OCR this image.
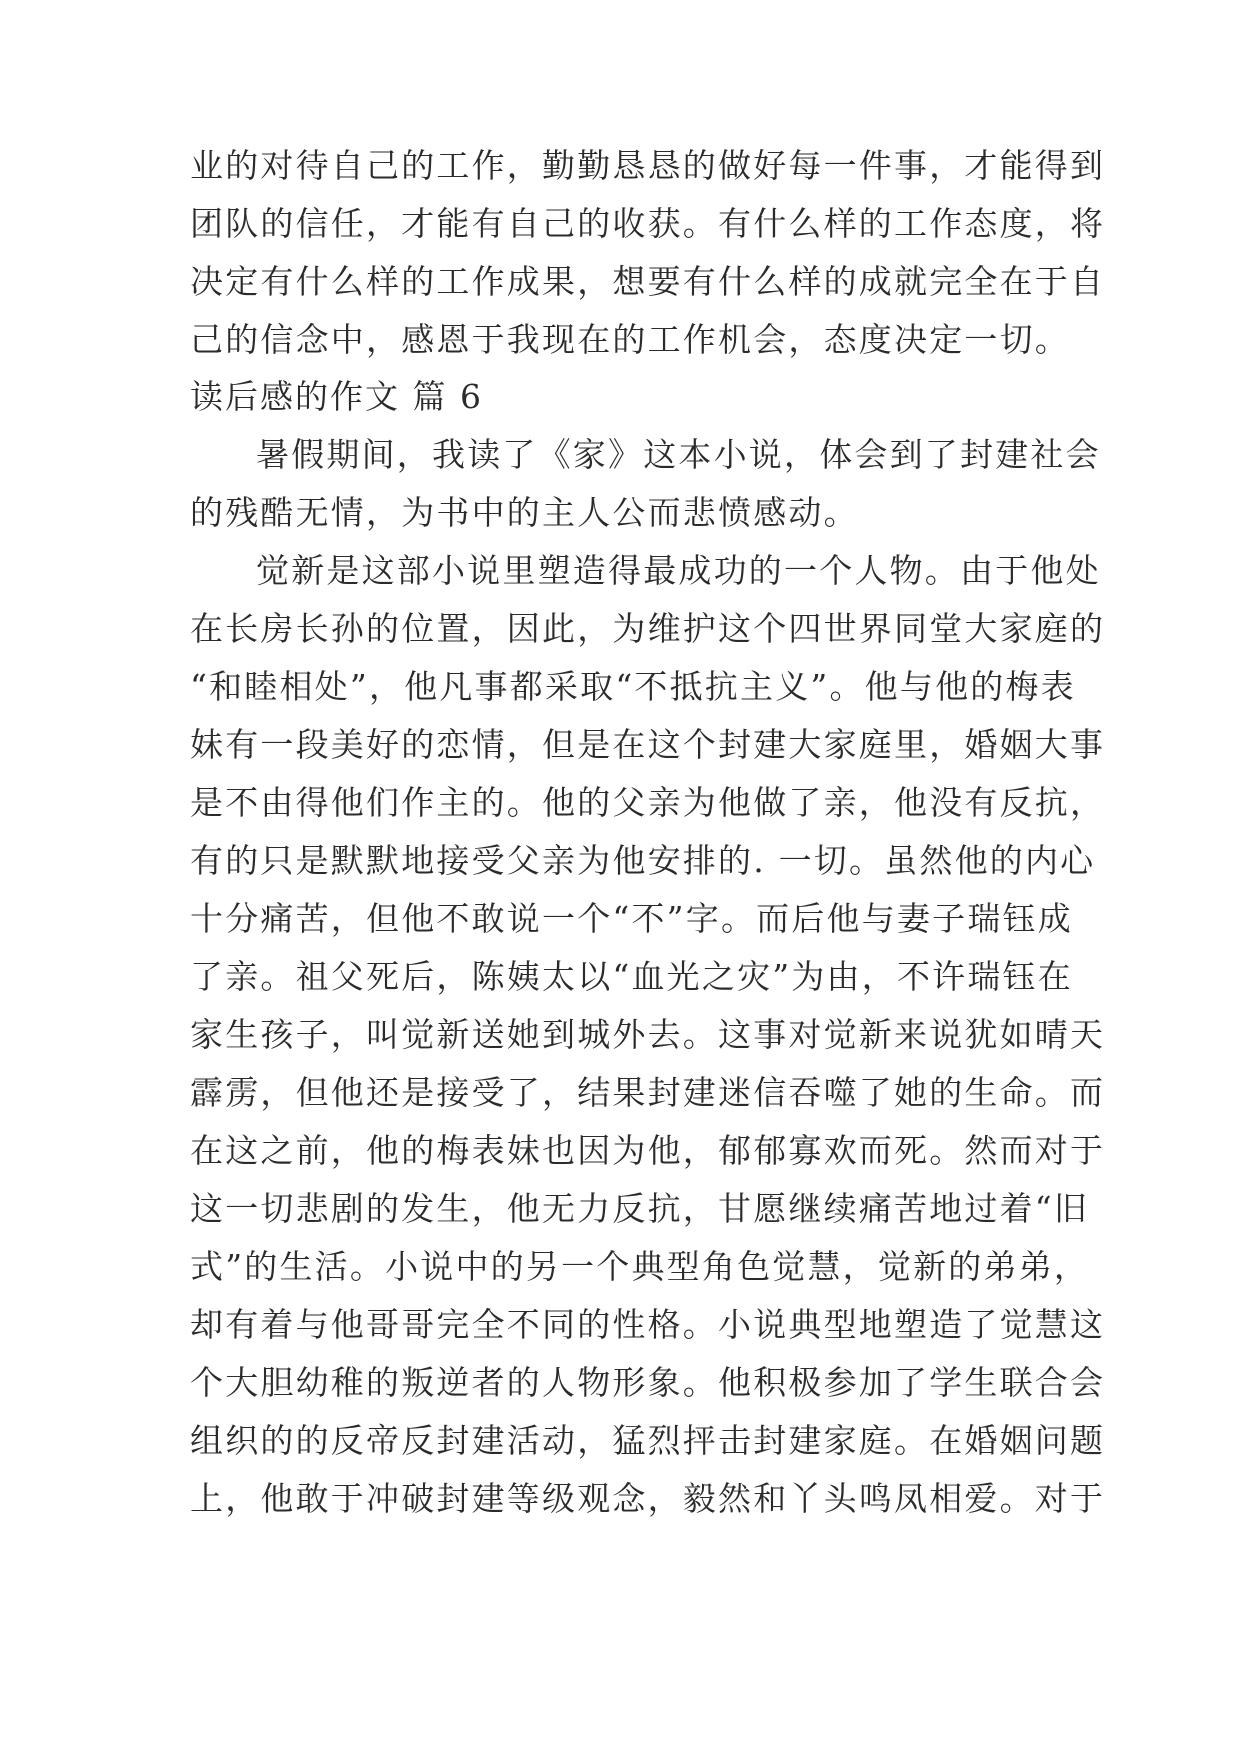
业的对待自己的工作，勤勤恳恳的做好每一件事，才能得到
团队的信任，才能有自己的收获。有什么样的工作态度，将
决定有什么样的工作成果，想要有什么样的成就完全在于自
己的信念中，感恩于我现在的工作机会，态度决定一切。
读后感的作文 篇 6
暑假期间，我读了《家》这本小说，体会到了封建社会
的残酷无情，为书中的主人公而悲愤感动。
觉新是这部小说里塑造得最成功的一个人物。由于他处
在长房长孙的位置，因此，为维护这个四世界同堂大家庭的
“和睦相处”，他凡事都采取“不抵抗主义”。他与他的梅表
妹有一段美好的恋情，但是在这个封建大家庭里，婚姻大事
是不由得他们作主的。他的父亲为他做了亲，他没有反抗，
有的只是默默地接受父亲为他安排的. 一切。虽然他的内心
十分痛苦，但他不敢说一个“不”字。而后他与妻子瑞钰成
了亲。祖父死后，陈姨太以“血光之灾”为由，不许瑞钰在
家生孩子，叫觉新送她到城外去。这事对觉新来说犹如晴天
霹雳，但他还是接受了，结果封建迷信吞噬了她的生命。而
在这之前，他的梅表妹也因为他，郁郁寡欢而死。然而对于
这一切悲剧的发生，他无力反抗，甘愿继续痛苦地过着“旧
式”的生活。小说中的另一个典型角色觉慧，觉新的弟弟，
却有着与他哥哥完全不同的性格。小说典型地塑造了觉慧这
个大胆幼稚的叛逆者的人物形象。他积极参加了学生联合会
组织的的反帝反封建活动，猛烈抨击封建家庭。在婚姻问题
上，他敢于冲破封建等级观念，毅然和丫头鸣凤相爱。对于
